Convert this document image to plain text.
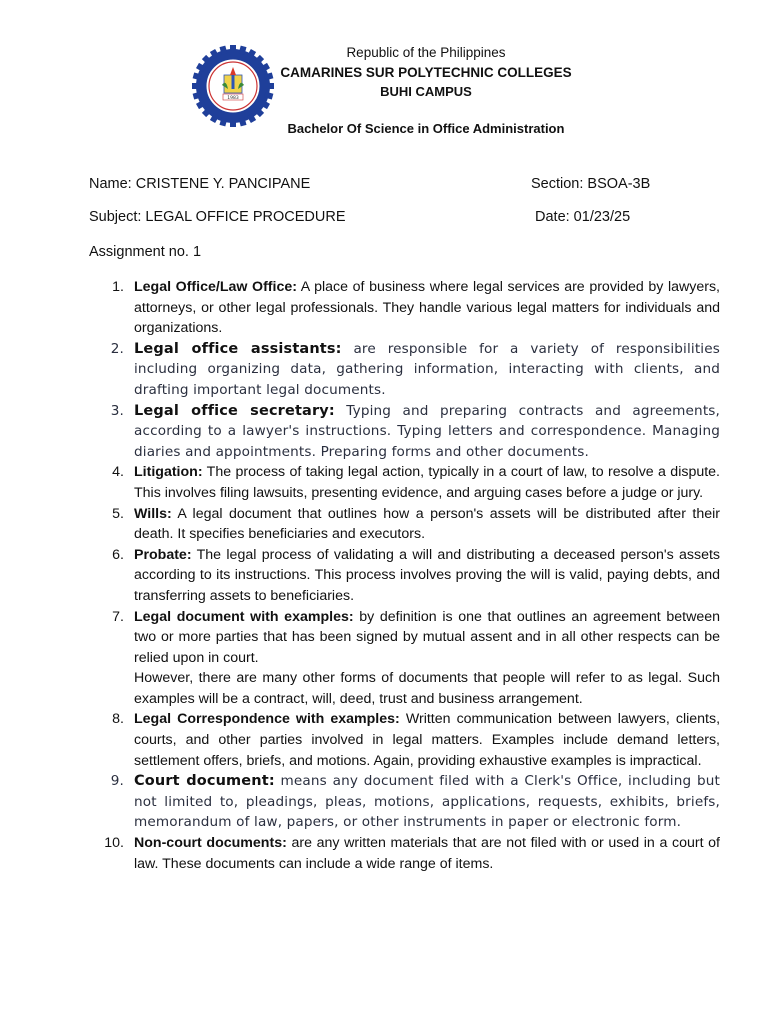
1983
Republic of the Philippines
CAMARINES SUR POLYTECHNIC COLLEGES
BUHI CAMPUS
Bachelor Of Science in Office Administration
Name: CRISTENE Y. PANCIPANE	Section: BSOA-3B
Subject: LEGAL OFFICE PROCEDURE	Date: 01/23/25
Assignment no. 1
1. Legal Office/Law Office: A place of business where legal services are provided by lawyers, attorneys, or other legal professionals. They handle various legal matters for individuals and organizations.
2. Legal office assistants: are responsible for a variety of responsibilities including organizing data, gathering information, interacting with clients, and drafting important legal documents.
3. Legal office secretary: Typing and preparing contracts and agreements, according to a lawyer's instructions. Typing letters and correspondence. Managing diaries and appointments. Preparing forms and other documents.
4. Litigation: The process of taking legal action, typically in a court of law, to resolve a dispute. This involves filing lawsuits, presenting evidence, and arguing cases before a judge or jury.
5. Wills: A legal document that outlines how a person's assets will be distributed after their death. It specifies beneficiaries and executors.
6. Probate: The legal process of validating a will and distributing a deceased person's assets according to its instructions. This process involves proving the will is valid, paying debts, and transferring assets to beneficiaries.
7. Legal document with examples: by definition is one that outlines an agreement between two or more parties that has been signed by mutual assent and in all other respects can be relied upon in court.
However, there are many other forms of documents that people will refer to as legal. Such examples will be a contract, will, deed, trust and business arrangement.
8. Legal Correspondence with examples: Written communication between lawyers, clients, courts, and other parties involved in legal matters. Examples include demand letters, settlement offers, briefs, and motions. Again, providing exhaustive examples is impractical.
9. Court document: means any document filed with a Clerk's Office, including but not limited to, pleadings, pleas, motions, applications, requests, exhibits, briefs, memorandum of law, papers, or other instruments in paper or electronic form.
10. Non-court documents: are any written materials that are not filed with or used in a court of law. These documents can include a wide range of items.
